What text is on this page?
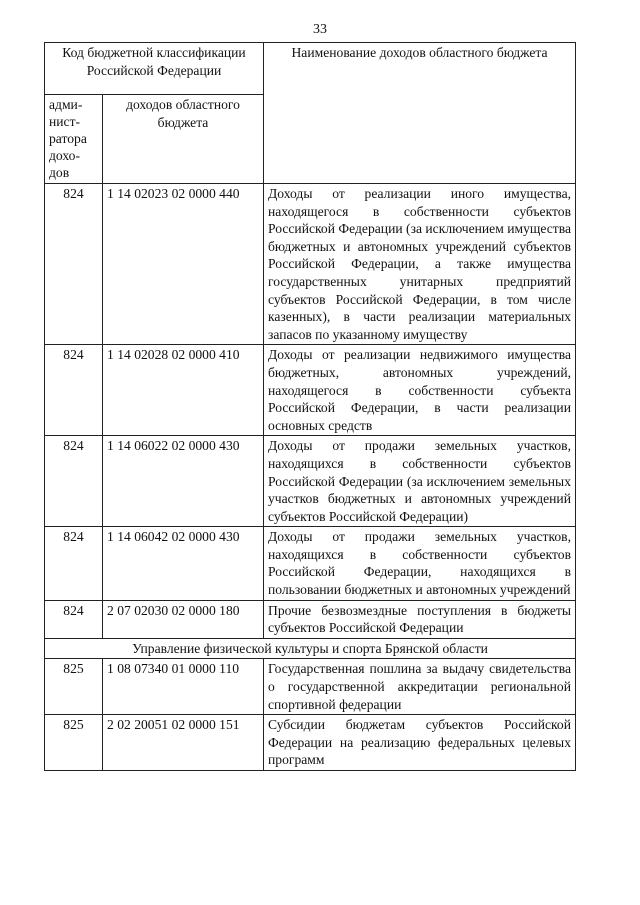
33
Код бюджетной классификации Российской Федерации		Наименование доходов областного бюджета
адми-нист-ратора дохо-дов	доходов областного бюджета	
824	1 14 02023 02 0000 440	Доходы от реализации иного имущества, находящегося в собственности субъектов Российской Федерации (за исключением имущества бюджетных и автономных учреждений субъектов Российской Федерации, а также имущества государственных унитарных предприятий субъектов Российской Федерации, в том числе казенных), в части реализации материальных запасов по указанному имуществу
824	1 14 02028 02 0000 410	Доходы от реализации недвижимого имущества бюджетных, автономных учреждений, находящегося в собственности субъекта Российской Федерации, в части реализации основных средств
824	1 14 06022 02 0000 430	Доходы от продажи земельных участков, находящихся в собственности субъектов Российской Федерации (за исключением земельных участков бюджетных и автономных учреждений субъектов Российской Федерации)
824	1 14 06042 02 0000 430	Доходы от продажи земельных участков, находящихся в собственности субъектов Российской Федерации, находящихся в пользовании бюджетных и автономных учреждений
824	2 07 02030 02 0000 180	Прочие безвозмездные поступления в бюджеты субъектов Российской Федерации
Управление физической культуры и спорта Брянской области		
825	1 08 07340 01 0000 110	Государственная пошлина за выдачу свидетельства о государственной аккредитации региональной спортивной федерации
825	2 02 20051 02 0000 151	Субсидии бюджетам субъектов Российской Федерации на реализацию федеральных целевых программ
